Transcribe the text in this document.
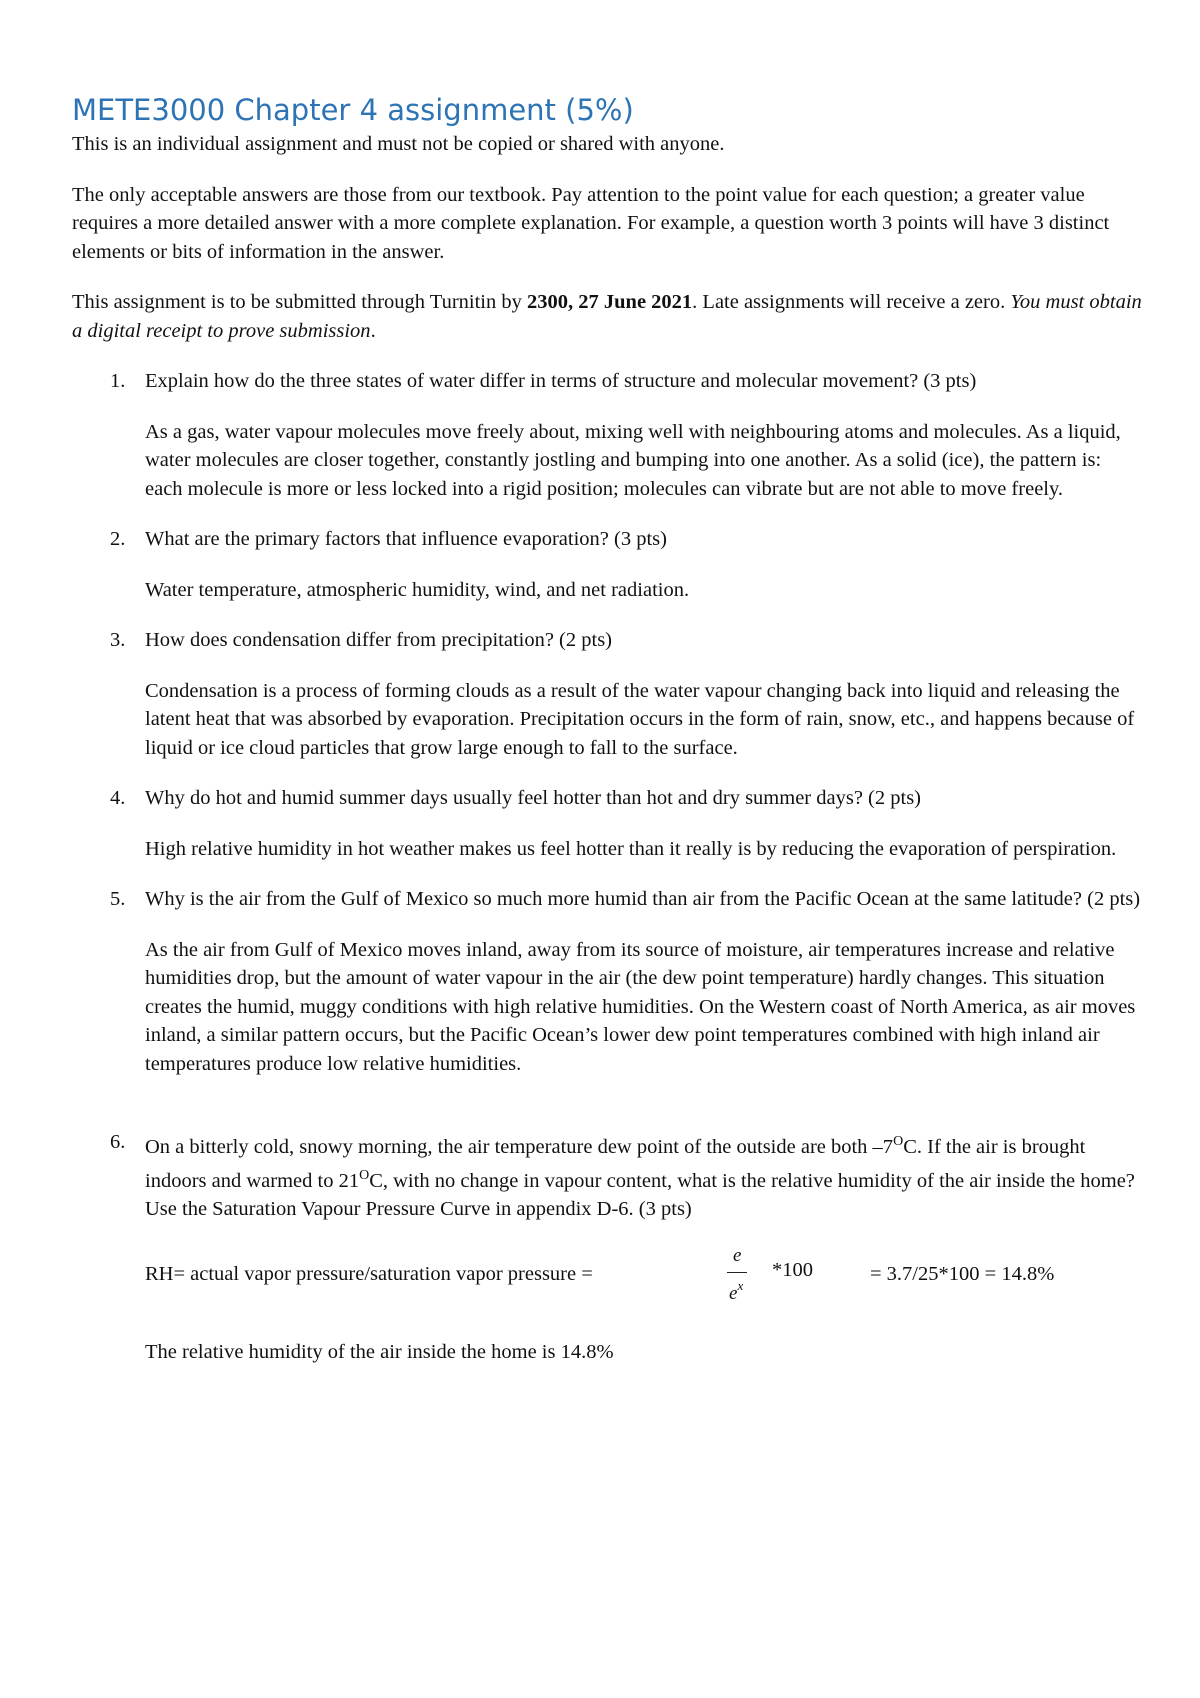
METE3000 Chapter 4 assignment (5%)

This is an individual assignment and must not be copied or shared with anyone.

The only acceptable answers are those from our textbook. Pay attention to the point value for each question; a greater value requires a more detailed answer with a more complete explanation. For example, a question worth 3 points will have 3 distinct elements or bits of information in the answer.

This assignment is to be submitted through Turnitin by 2300, 27 June 2021. Late assignments will receive a zero. You must obtain a digital receipt to prove submission.

1. Explain how do the three states of water differ in terms of structure and molecular movement? (3 pts)
As a gas, water vapour molecules move freely about, mixing well with neighbouring atoms and molecules. As a liquid, water molecules are closer together, constantly jostling and bumping into one another. As a solid (ice), the pattern is: each molecule is more or less locked into a rigid position; molecules can vibrate but are not able to move freely.
2. What are the primary factors that influence evaporation? (3 pts)
Water temperature, atmospheric humidity, wind, and net radiation.
3. How does condensation differ from precipitation? (2 pts)
Condensation is a process of forming clouds as a result of the water vapour changing back into liquid and releasing the latent heat that was absorbed by evaporation. Precipitation occurs in the form of rain, snow, etc., and happens because of liquid or ice cloud particles that grow large enough to fall to the surface.
4. Why do hot and humid summer days usually feel hotter than hot and dry summer days? (2 pts)
High relative humidity in hot weather makes us feel hotter than it really is by reducing the evaporation of perspiration.
5. Why is the air from the Gulf of Mexico so much more humid than air from the Pacific Ocean at the same latitude? (2 pts)
As the air from Gulf of Mexico moves inland, away from its source of moisture, air temperatures increase and relative humidities drop, but the amount of water vapour in the air (the dew point temperature) hardly changes. This situation creates the humid, muggy conditions with high relative humidities. On the Western coast of North America, as air moves inland, a similar pattern occurs, but the Pacific Ocean’s lower dew point temperatures combined with high inland air temperatures produce low relative humidities.
6. On a bitterly cold, snowy morning, the air temperature dew point of the outside are both $-7^OC$. If the air is brought indoors and warmed to $21^OC$, with no change in vapour content, what is the relative humidity of the air inside the home? Use the Saturation Vapour Pressure Curve in appendix D-6. (3 pts)
RH= actual vapor pressure/saturation vapor pressure =
e
$e^x$
*100	= 3.7/25*100 = 14.8%
The relative humidity of the air inside the home is 14.8%
